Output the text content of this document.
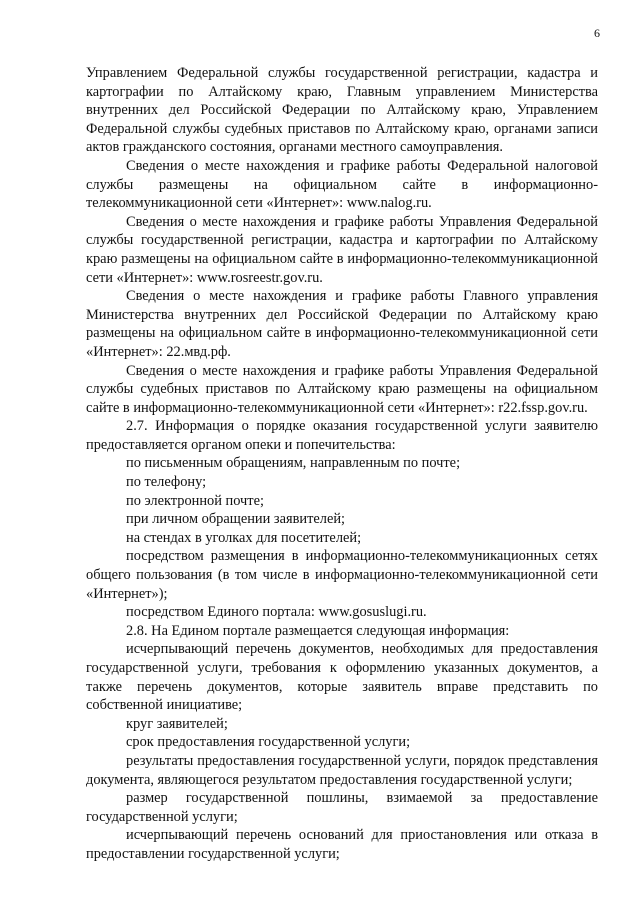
6

Управлением Федеральной службы государственной регистрации, кадастра и картографии по Алтайскому краю, Главным управлением Министерства внутренних дел Российской Федерации по Алтайскому краю, Управлением Федеральной службы судебных приставов по Алтайскому краю, органами записи актов гражданского состояния, органами местного самоуправления.

Сведения о месте нахождения и графике работы Федеральной налоговой службы размещены на официальном сайте в информационно-телекоммуникационной сети «Интернет»: www.nalog.ru.

Сведения о месте нахождения и графике работы Управления Федеральной службы государственной регистрации, кадастра и картографии по Алтайскому краю размещены на официальном сайте в информационно-телекоммуникационной сети «Интернет»: www.rosreestr.gov.ru.

Сведения о месте нахождения и графике работы Главного управления Министерства внутренних дел Российской Федерации по Алтайскому краю размещены на официальном сайте в информационно-телекоммуникационной сети «Интернет»: 22.мвд.рф.

Сведения о месте нахождения и графике работы Управления Федеральной службы судебных приставов по Алтайскому краю размещены на официальном сайте в информационно-телекоммуникационной сети «Интернет»: r22.fssp.gov.ru.

2.7. Информация о порядке оказания государственной услуги заявителю предоставляется органом опеки и попечительства:

по письменным обращениям, направленным по почте;

по телефону;

по электронной почте;

при личном обращении заявителей;

на стендах в уголках для посетителей;

посредством размещения в информационно-телекоммуникационных сетях общего пользования (в том числе в информационно-телекоммуникационной сети «Интернет»);

посредством Единого портала: www.gosuslugi.ru.

2.8. На Едином портале размещается следующая информация:

исчерпывающий перечень документов, необходимых для предоставления государственной услуги, требования к оформлению указанных документов, а также перечень документов, которые заявитель вправе представить по собственной инициативе;

круг заявителей;

срок предоставления государственной услуги;

результаты предоставления государственной услуги, порядок представления документа, являющегося результатом предоставления государственной услуги;

размер государственной пошлины, взимаемой за предоставление государственной услуги;

исчерпывающий перечень оснований для приостановления или отказа в предоставлении государственной услуги;
